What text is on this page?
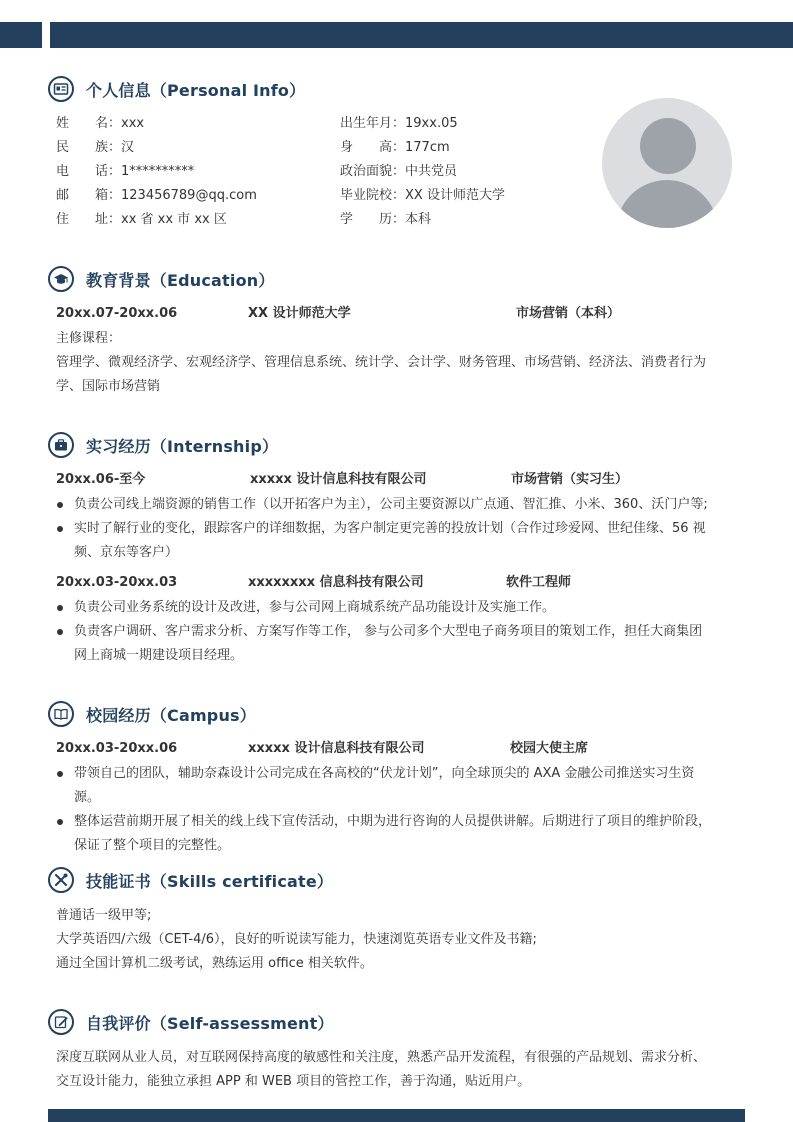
个人信息（Personal Info）
姓　　名：xxx
民　　族：汉
电　　话：1**********
邮　　箱：123456789@qq.com
住　　址：xx 省 xx 市 xx 区
出生年月：19xx.05
身　　高：177cm
政治面貌：中共党员
毕业院校：XX 设计师范大学
学　　历：本科
教育背景（Education）
20xx.07-20xx.06	XX 设计师范大学	市场营销（本科）
主修课程：
管理学、微观经济学、宏观经济学、管理信息系统、统计学、会计学、财务管理、市场营销、经济法、消费者行为
学、国际市场营销
实习经历（Internship）
20xx.06-至今	xxxxx 设计信息科技有限公司	市场营销（实习生）
负责公司线上端资源的销售工作（以开拓客户为主），公司主要资源以广点通、智汇推、小米、360、沃门户等;
实时了解行业的变化，跟踪客户的详细数据，为客户制定更完善的投放计划（合作过珍爱网、世纪佳缘、56 视
频、京东等客户）
20xx.03-20xx.03	xxxxxxxx 信息科技有限公司	软件工程师
负责公司业务系统的设计及改进，参与公司网上商城系统产品功能设计及实施工作。
负责客户调研、客户需求分析、方案写作等工作， 参与公司多个大型电子商务项目的策划工作，担任大商集团
网上商城一期建设项目经理。
校园经历（Campus）
20xx.03-20xx.06	xxxxx 设计信息科技有限公司	校园大使主席
带领自己的团队，辅助奈森设计公司完成在各高校的“伏龙计划”，向全球顶尖的 AXA 金融公司推送实习生资
源。
整体运营前期开展了相关的线上线下宣传活动，中期为进行咨询的人员提供讲解。后期进行了项目的维护阶段，
保证了整个项目的完整性。
技能证书（Skills certificate）
普通话一级甲等;
大学英语四/六级（CET-4/6），良好的听说读写能力，快速浏览英语专业文件及书籍;
通过全国计算机二级考试，熟练运用 office 相关软件。
自我评价（Self-assessment）
深度互联网从业人员，对互联网保持高度的敏感性和关注度，熟悉产品开发流程，有很强的产品规划、需求分析、
交互设计能力，能独立承担 APP 和 WEB 项目的管控工作，善于沟通，贴近用户。
